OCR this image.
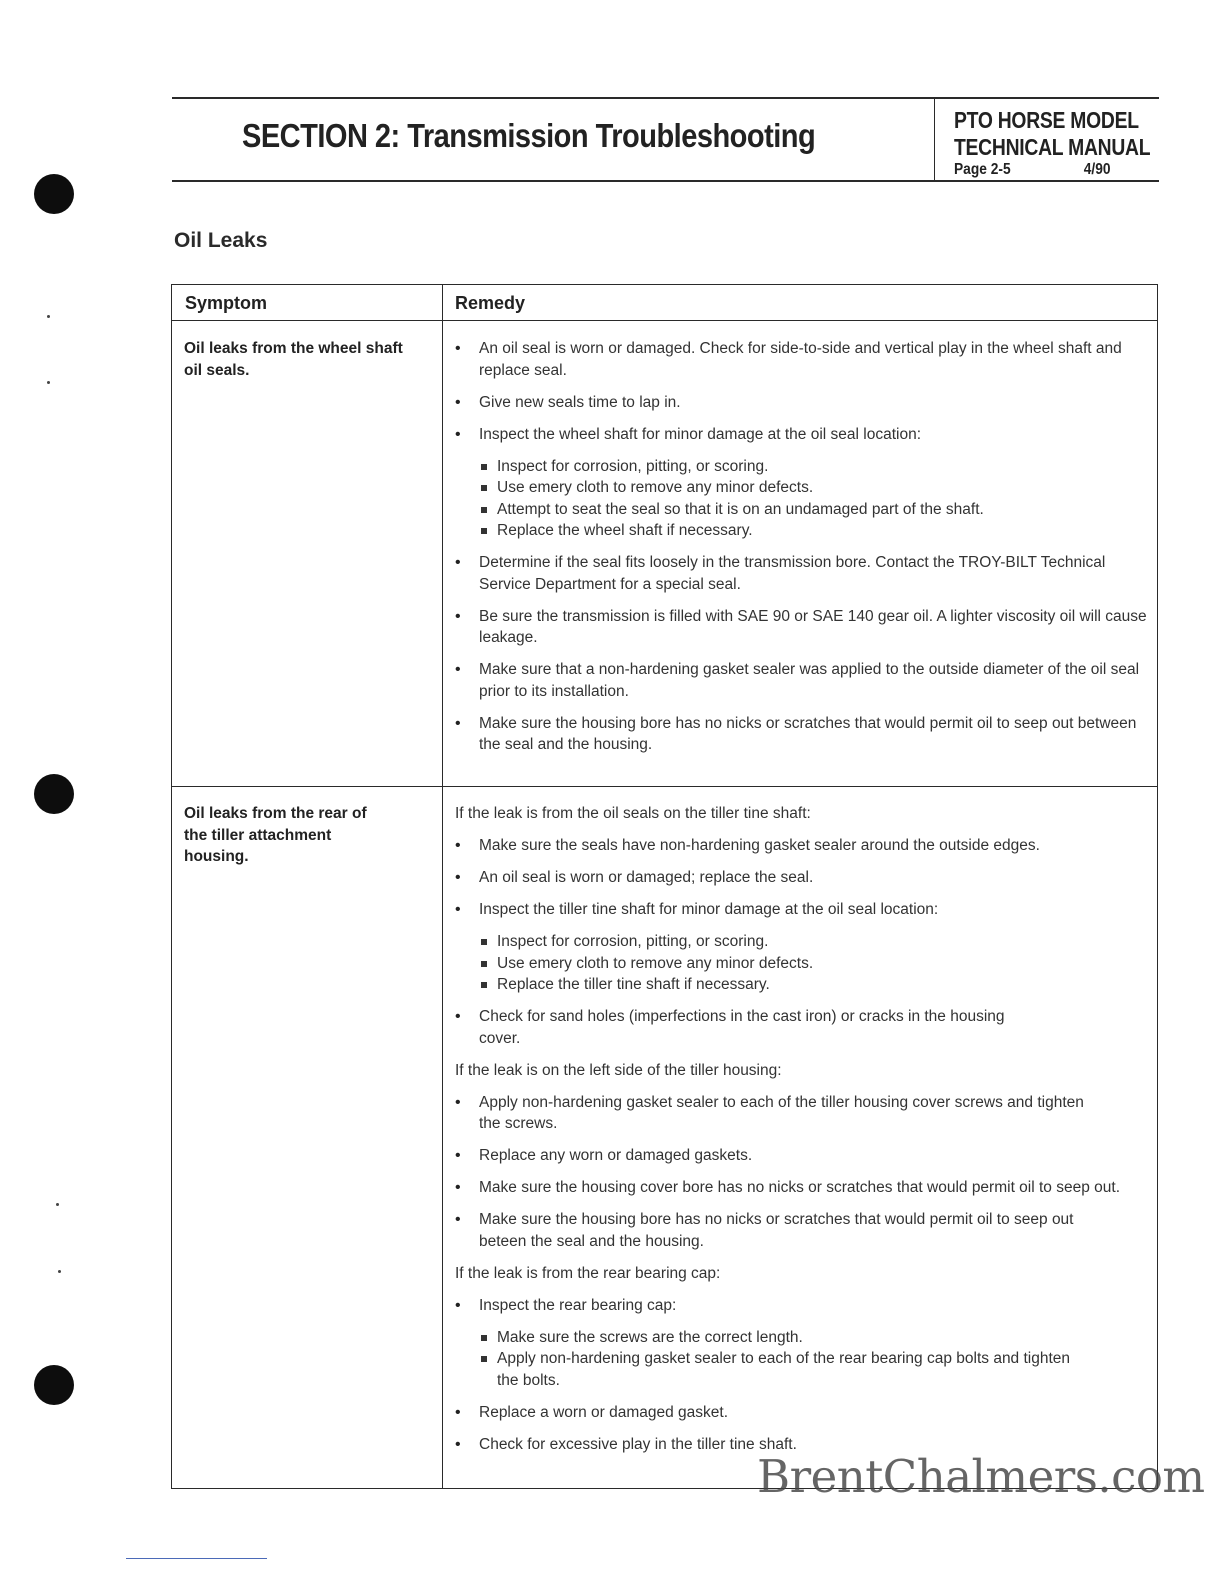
SECTION 2: Transmission Troubleshooting	PTO HORSE MODEL
TECHNICAL MANUAL
Page 2-5	4/90
Oil Leaks
Symptom	Remedy
Oil leaks from the wheel shaft oil seals.
• An oil seal is worn or damaged. Check for side-to-side and vertical play in the wheel shaft and replace seal.
• Give new seals time to lap in.
• Inspect the wheel shaft for minor damage at the oil seal location:
Inspect for corrosion, pitting, or scoring.
Use emery cloth to remove any minor defects.
Attempt to seat the seal so that it is on an undamaged part of the shaft.
Replace the wheel shaft if necessary.
• Determine if the seal fits loosely in the transmission bore. Contact the TROY-BILT Technical Service Department for a special seal.
• Be sure the transmission is filled with SAE 90 or SAE 140 gear oil. A lighter viscosity oil will cause leakage.
• Make sure that a non-hardening gasket sealer was applied to the outside diameter of the oil seal prior to its installation.
• Make sure the housing bore has no nicks or scratches that would permit oil to seep out between the seal and the housing.
Oil leaks from the rear of the tiller attachment housing.

If the leak is from the oil seals on the tiller tine shaft:

• Make sure the seals have non-hardening gasket sealer around the outside edges.
• An oil seal is worn or damaged; replace the seal.
• Inspect the tiller tine shaft for minor damage at the oil seal location:
Inspect for corrosion, pitting, or scoring.
Use emery cloth to remove any minor defects.
Replace the tiller tine shaft if necessary.
• Check for sand holes (imperfections in the cast iron) or cracks in the housing cover.

If the leak is on the left side of the tiller housing:

• Apply non-hardening gasket sealer to each of the tiller housing cover screws and tighten the screws.
• Replace any worn or damaged gaskets.
• Make sure the housing cover bore has no nicks or scratches that would permit oil to seep out.
• Make sure the housing bore has no nicks or scratches that would permit oil to seep out beteen the seal and the housing.

If the leak is from the rear bearing cap:

• Inspect the rear bearing cap:
Make sure the screws are the correct length.
Apply non-hardening gasket sealer to each of the rear bearing cap bolts and tighten the bolts.
• Replace a worn or damaged gasket.
• Check for excessive play in the tiller tine shaft.
BrentChalmers.com
